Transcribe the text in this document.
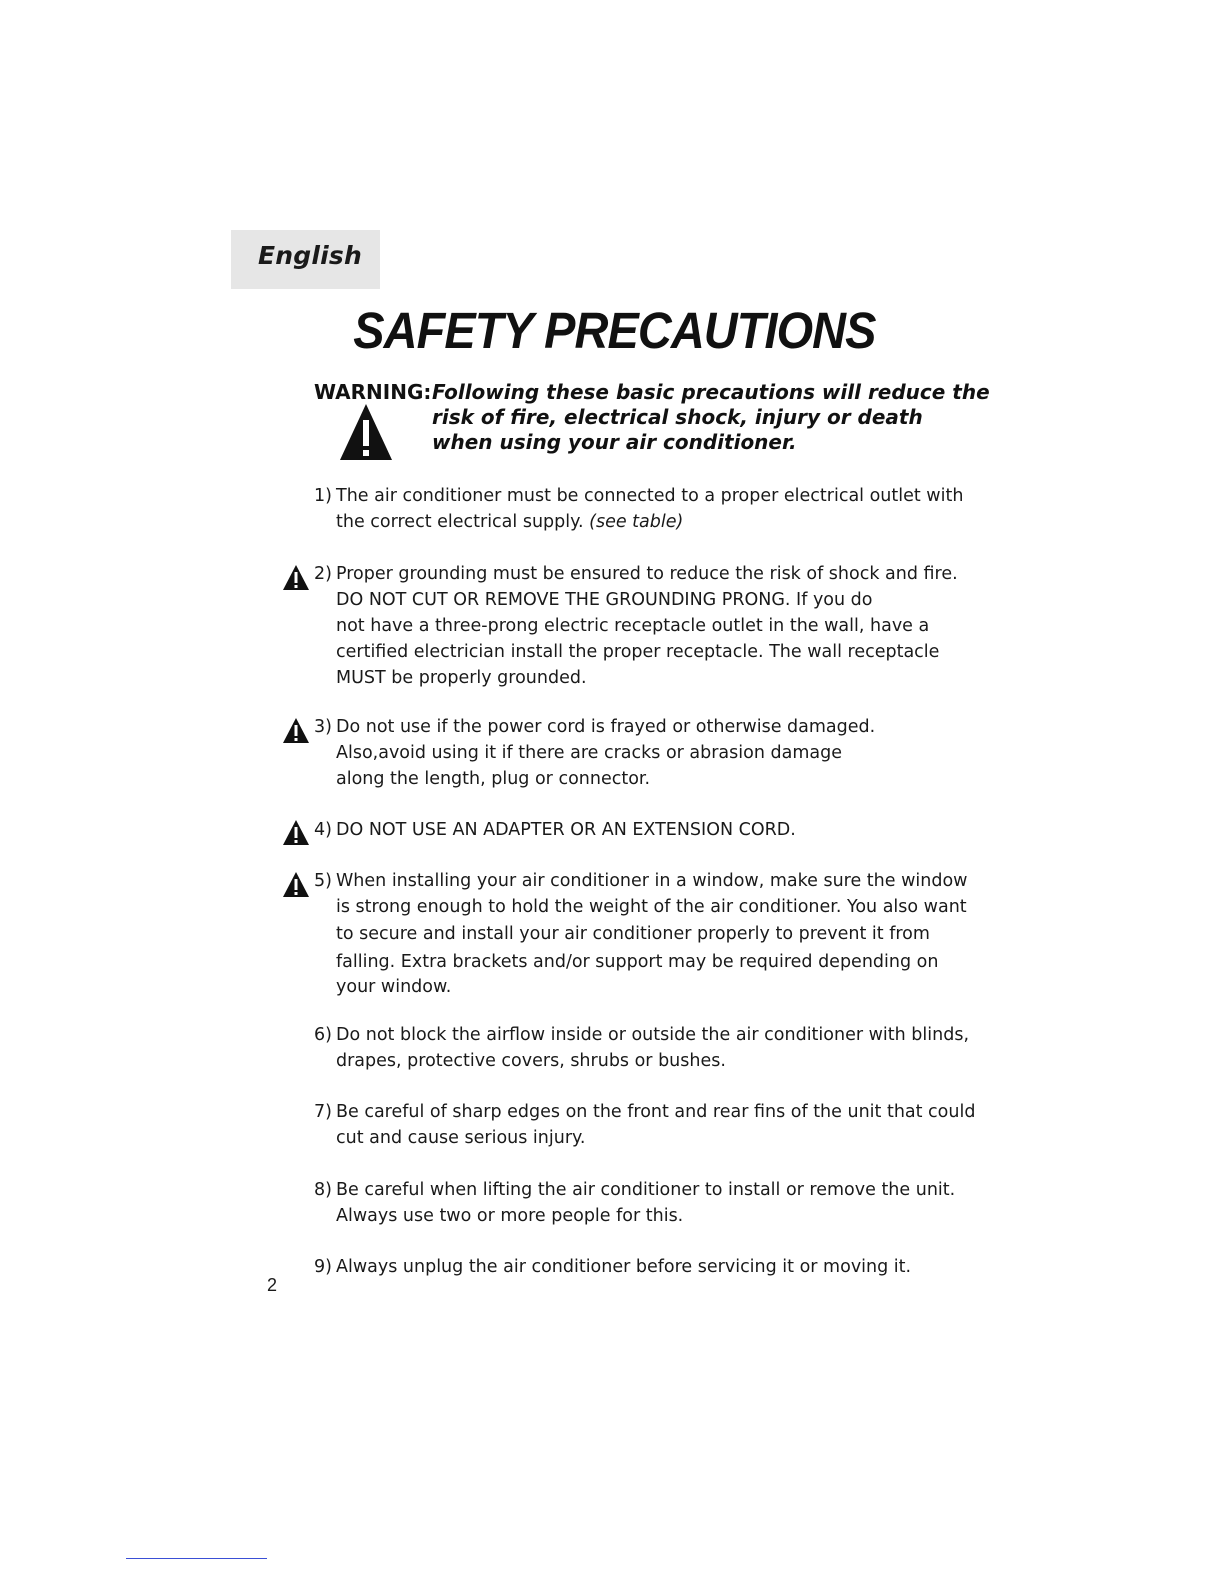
English
SAFETY PRECAUTIONS
WARNING: Following these basic precautions will reduce the
risk of fire, electrical shock, injury or death
when using your air conditioner.
1) The air conditioner must be connected to a proper electrical outlet with
the correct electrical supply. (see table)
2) Proper grounding must be ensured to reduce the risk of shock and fire.
DO NOT CUT OR REMOVE THE GROUNDING PRONG. If you do
not have a three-prong electric receptacle outlet in the wall, have a
certified electrician install the proper receptacle. The wall receptacle
MUST be properly grounded.
3) Do not use if the power cord is frayed or otherwise damaged.
Also,avoid using it if there are cracks or abrasion damage
along the length, plug or connector.
4) DO NOT USE AN ADAPTER OR AN EXTENSION CORD.
5) When installing your air conditioner in a window, make sure the window
is strong enough to hold the weight of the air conditioner. You also want
to secure and install your air conditioner properly to prevent it from
falling. Extra brackets and/or support may be required depending on
your window.
6) Do not block the airflow inside or outside the air conditioner with blinds,
drapes, protective covers, shrubs or bushes.
7) Be careful of sharp edges on the front and rear fins of the unit that could
cut and cause serious injury.
8) Be careful when lifting the air conditioner to install or remove the unit.
Always use two or more people for this.
9) Always unplug the air conditioner before servicing it or moving it.
2
